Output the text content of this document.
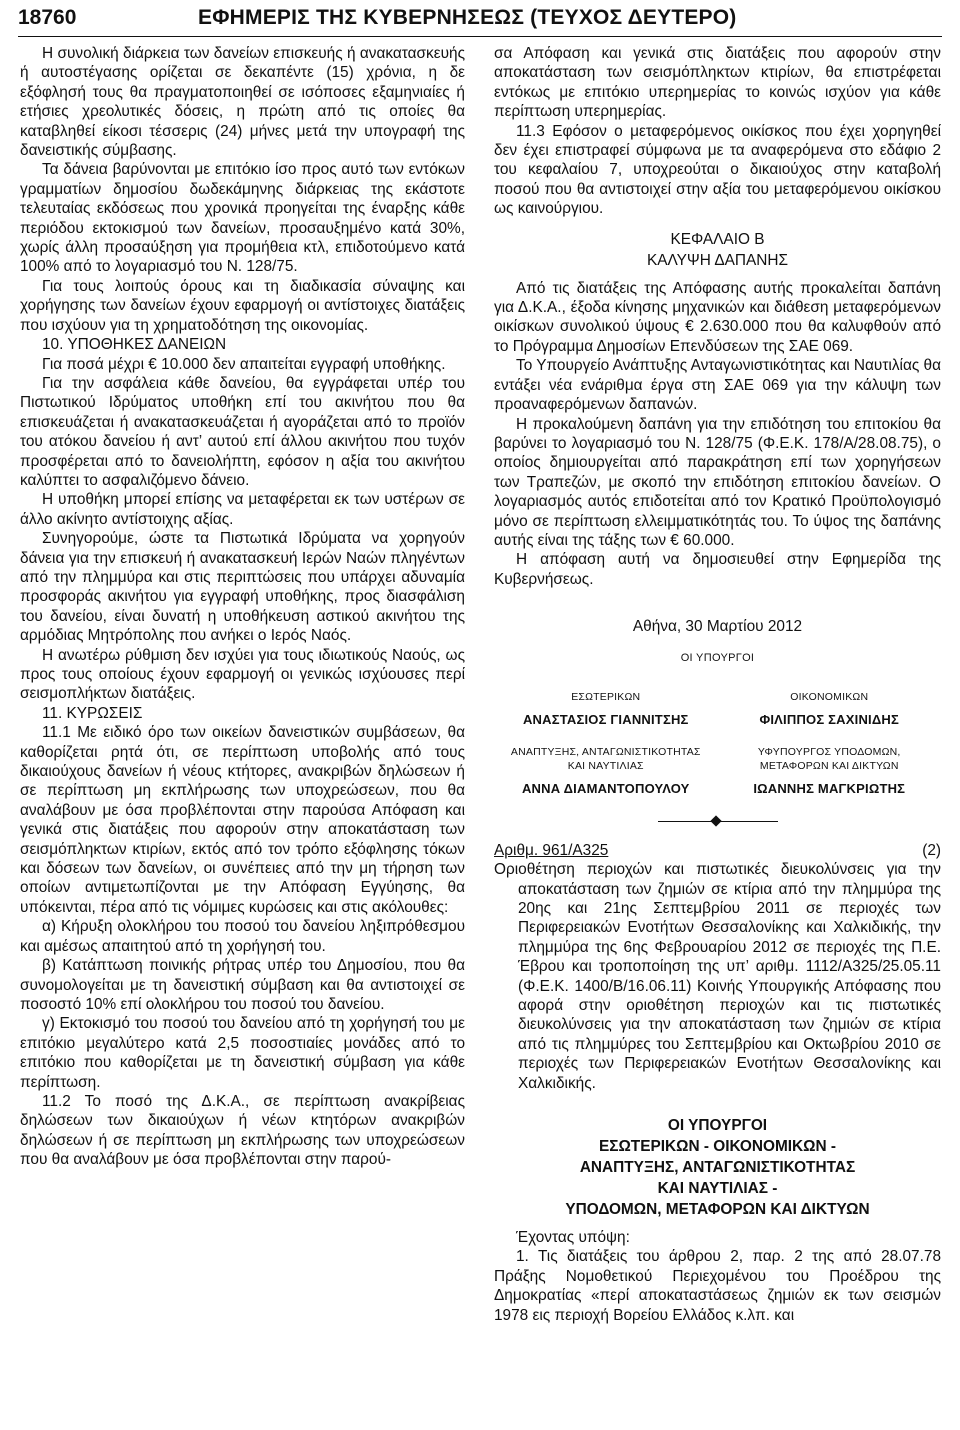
18760	ΕΦΗΜΕΡΙΣ ΤΗΣ ΚΥΒΕΡΝΗΣΕΩΣ (ΤΕΥΧΟΣ ΔΕΥΤΕΡΟ)

Η συνολική διάρκεια των δανείων επισκευής ή ανακατασκευής ή αυτοστέγασης ορίζεται σε δεκαπέντε (15) χρόνια, η δε εξόφλησή τους θα πραγματοποιηθεί σε ισόποσες εξαμηνιαίες ή ετήσιες χρεολυτικές δόσεις, η πρώτη από τις οποίες θα καταβληθεί είκοσι τέσσερις (24) μήνες μετά την υπογραφή της δανειστικής σύμβασης.

Τα δάνεια βαρύνονται με επιτόκιο ίσο προς αυτό των εντόκων γραμματίων δημοσίου δωδεκάμηνης διάρκειας της εκάστοτε τελευταίας εκδόσεως που χρονικά προηγείται της έναρξης κάθε περιόδου εκτοκισμού των δανείων, προσαυξημένο κατά 30%, χωρίς άλλη προσαύξηση για προμήθεια κτλ, επιδοτούμενο κατά 100% από το λογαριασμό του Ν. 128/75.

Για τους λοιπούς όρους και τη διαδικασία σύναψης και χορήγησης των δανείων έχουν εφαρμογή οι αντίστοιχες διατάξεις που ισχύουν για τη χρηματοδότηση της οικονομίας.

10. ΥΠΟΘΗΚΕΣ ΔΑΝΕΙΩΝ

Για ποσά μέχρι € 10.000 δεν απαιτείται εγγραφή υποθήκης.

Για την ασφάλεια κάθε δανείου, θα εγγράφεται υπέρ του Πιστωτικού Ιδρύματος υποθήκη επί του ακινήτου που θα επισκευάζεται ή ανακατασκευάζεται ή αγοράζεται από το προϊόν του ατόκου δανείου ή αντ’ αυτού επί άλλου ακινήτου που τυχόν προσφέρεται από το δανειολήπτη, εφόσον η αξία του ακινήτου καλύπτει το ασφαλιζόμενο δάνειο.

Η υποθήκη μπορεί επίσης να μεταφέρεται εκ των υστέρων σε άλλο ακίνητο αντίστοιχης αξίας.

Συνηγορούμε, ώστε τα Πιστωτικά Ιδρύματα να χορηγούν δάνεια για την επισκευή ή ανακατασκευή Ιερών Ναών πληγέντων από την πλημμύρα και στις περιπτώσεις που υπάρχει αδυναμία προσφοράς ακινήτου για εγγραφή υποθήκης, προς διασφάλιση του δανείου, είναι δυνατή η υποθήκευση αστικού ακινήτου της αρμόδιας Μητρόπολης που ανήκει ο Ιερός Ναός.

Η ανωτέρω ρύθμιση δεν ισχύει για τους ιδιωτικούς Ναούς, ως προς τους οποίους έχουν εφαρμογή οι γενικώς ισχύουσες περί σεισμοπλήκτων διατάξεις.

11. ΚΥΡΩΣΕΙΣ

11.1 Με ειδικό όρο των οικείων δανειστικών συμβάσεων, θα καθορίζεται ρητά ότι, σε περίπτωση υποβολής από τους δικαιούχους δανείων ή νέους κτήτορες, ανακριβών δηλώσεων ή σε περίπτωση μη εκπλήρωσης των υποχρεώσεων, που θα αναλάβουν με όσα προβλέπονται στην παρούσα Απόφαση και γενικά στις διατάξεις που αφορούν στην αποκατάσταση των σεισμόπληκτων κτιρίων, εκτός από τον τρόπο εξόφλησης τόκων και δόσεων των δανείων, οι συνέπειες από την μη τήρηση των οποίων αντιμετωπίζονται με την Απόφαση Εγγύησης, θα υπόκεινται, πέρα από τις νόμιμες κυρώσεις και στις ακόλουθες:

α) Κήρυξη ολοκλήρου του ποσού του δανείου ληξιπρόθεσμου και αμέσως απαιτητού από τη χορήγησή του.

β) Κατάπτωση ποινικής ρήτρας υπέρ του Δημοσίου, που θα συνομολογείται με τη δανειστική σύμβαση και θα αντιστοιχεί σε ποσοστό 10% επί ολοκλήρου του ποσού του δανείου.

γ) Εκτοκισμό του ποσού του δανείου από τη χορήγησή του με επιτόκιο μεγαλύτερο κατά 2,5 ποσοστιαίες μονάδες από το επιτόκιο που καθορίζεται με τη δανειστική σύμβαση για κάθε περίπτωση.

11.2 Το ποσό της Δ.Κ.Α., σε περίπτωση ανακρίβειας δηλώσεων των δικαιούχων ή νέων κτητόρων ανακριβών δηλώσεων ή σε περίπτωση μη εκπλήρωσης των υποχρεώσεων που θα αναλάβουν με όσα προβλέπονται στην παρού-

σα Απόφαση και γενικά στις διατάξεις που αφορούν στην αποκατάσταση των σεισμόπληκτων κτιρίων, θα επιστρέφεται εντόκως με επιτόκιο υπερημερίας το κοινώς ισχύον για κάθε περίπτωση υπερημερίας.

11.3 Εφόσον ο μεταφερόμενος οικίσκος που έχει χορηγηθεί δεν έχει επιστραφεί σύμφωνα με τα αναφερόμενα στο εδάφιο 2 του κεφαλαίου 7, υποχρεούται ο δικαιούχος στην καταβολή ποσού που θα αντιστοιχεί στην αξία του μεταφερόμενου οικίσκου ως καινούργιου.

ΚΕΦΑΛΑΙΟ Β
ΚΑΛΥΨΗ ΔΑΠΑΝΗΣ

Από τις διατάξεις της Απόφασης αυτής προκαλείται δαπάνη για Δ.Κ.Α., έξοδα κίνησης μηχανικών και διάθεση μεταφερόμενων οικίσκων συνολικού ύψους € 2.630.000 που θα καλυφθούν από το Πρόγραμμα Δημοσίων Επενδύσεων της ΣΑΕ 069.

Το Υπουργείο Ανάπτυξης Ανταγωνιστικότητας και Ναυτιλίας θα εντάξει νέα ενάριθμα έργα στη ΣΑΕ 069 για την κάλυψη των προαναφερόμενων δαπανών.

Η προκαλούμενη δαπάνη για την επιδότηση του επιτοκίου θα βαρύνει το λογαριασμό του Ν. 128/75 (Φ.Ε.Κ. 178/Α/28.08.75), ο οποίος δημιουργείται από παρακράτηση επί των χορηγήσεων των Τραπεζών, με σκοπό την επιδότηση επιτοκίου δανείων. Ο λογαριασμός αυτός επιδοτείται από τον Κρατικό Προϋπολογισμό μόνο σε περίπτωση ελλειμματικότητάς του. Το ύψος της δαπάνης αυτής είναι της τάξης των € 60.000.

Η απόφαση αυτή να δημοσιευθεί στην Εφημερίδα της Κυβερνήσεως.

Αθήνα, 30 Μαρτίου 2012
ΟΙ ΥΠΟΥΡΓΟΙ
ΕΣΩΤΕΡΙΚΩΝ
ΑΝΑΣΤΑΣΙΟΣ ΓΙΑΝΝΙΤΣΗΣ
ΟΙΚΟΝΟΜΙΚΩΝ
ΦΙΛΙΠΠΟΣ ΣΑΧΙΝΙΔΗΣ
ΑΝΑΠΤΥΞΗΣ, ΑΝΤΑΓΩΝΙΣΤΙΚΟΤΗΤΑΣ
ΚΑΙ ΝΑΥΤΙΛΙΑΣ
ΑΝΝΑ ΔΙΑΜΑΝΤΟΠΟΥΛΟΥ
ΥΦΥΠΟΥΡΓΟΣ ΥΠΟΔΟΜΩΝ,
ΜΕΤΑΦΟΡΩΝ ΚΑΙ ΔΙΚΤΥΩΝ
ΙΩΑΝΝΗΣ ΜΑΓΚΡΙΩΤΗΣ
Αριθμ. 961/Α325	(2)

Οριοθέτηση περιοχών και πιστωτικές διευκολύνσεις για την αποκατάσταση των ζημιών σε κτίρια από την πλημμύρα της 20ης και 21ης Σεπτεμβρίου 2011 σε περιοχές των Περιφερειακών Ενοτήτων Θεσσαλονίκης και Χαλκιδικής, την πλημμύρα της 6ης Φεβρουαρίου 2012 σε περιοχές της Π.Ε. Έβρου και τροποποίηση της υπ’ αριθμ. 1112/Α325/25.05.11 (Φ.Ε.Κ. 1400/Β/16.06.11) Κοινής Υπουργικής Απόφασης που αφορά στην οριοθέτηση περιοχών και τις πιστωτικές διευκολύνσεις για την αποκατάσταση των ζημιών σε κτίρια από τις πλημμύρες του Σεπτεμβρίου και Οκτωβρίου 2010 σε περιοχές των Περιφερειακών Ενοτήτων Θεσσαλονίκης και Χαλκιδικής.

ΟΙ ΥΠΟΥΡΓΟΙ
ΕΣΩΤΕΡΙΚΩΝ - ΟΙΚΟΝΟΜΙΚΩΝ -
ΑΝΑΠΤΥΞΗΣ, ΑΝΤΑΓΩΝΙΣΤΙΚΟΤΗΤΑΣ
ΚΑΙ ΝΑΥΤΙΛΙΑΣ -
ΥΠΟΔΟΜΩΝ, ΜΕΤΑΦΟΡΩΝ ΚΑΙ ΔΙΚΤΥΩΝ

Έχοντας υπόψη:

1. Τις διατάξεις του άρθρου 2, παρ. 2 της από 28.07.78 Πράξης Νομοθετικού Περιεχομένου του Προέδρου της Δημοκρατίας «περί αποκαταστάσεως ζημιών εκ των σεισμών 1978 εις περιοχή Βορείου Ελλάδος κ.λπ. και
